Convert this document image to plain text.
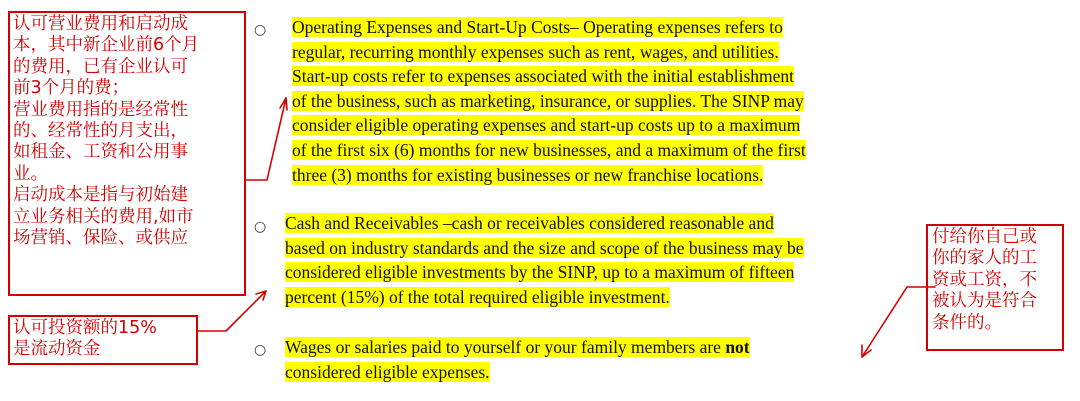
认可营业费用和启动成
本，其中新企业前6个月
的费用，已有企业认可
前3个月的费；
营业费用指的是经常性
的、经常性的月支出，
如租金、工资和公用事
业。
启动成本是指与初始建
立业务相关的费用,如市
场营销、保险、或供应
认可投资额的15%
是流动资金
付给你自己或
你的家人的工
资或工资，不
被认为是符合
条件的。
○ Operating Expenses and Start-Up Costs– Operating expenses refers to
regular, recurring monthly expenses such as rent, wages, and utilities.
Start-up costs refer to expenses associated with the initial establishment
of the business, such as marketing, insurance, or supplies. The SINP may
consider eligible operating expenses and start-up costs up to a maximum
of the first six (6) months for new businesses, and a maximum of the first
three (3) months for existing businesses or new franchise locations.
○ Cash and Receivables –cash or receivables considered reasonable and
based on industry standards and the size and scope of the business may be
considered eligible investments by the SINP, up to a maximum of fifteen
percent (15%) of the total required eligible investment.
○ Wages or salaries paid to yourself or your family members are not
considered eligible expenses.
